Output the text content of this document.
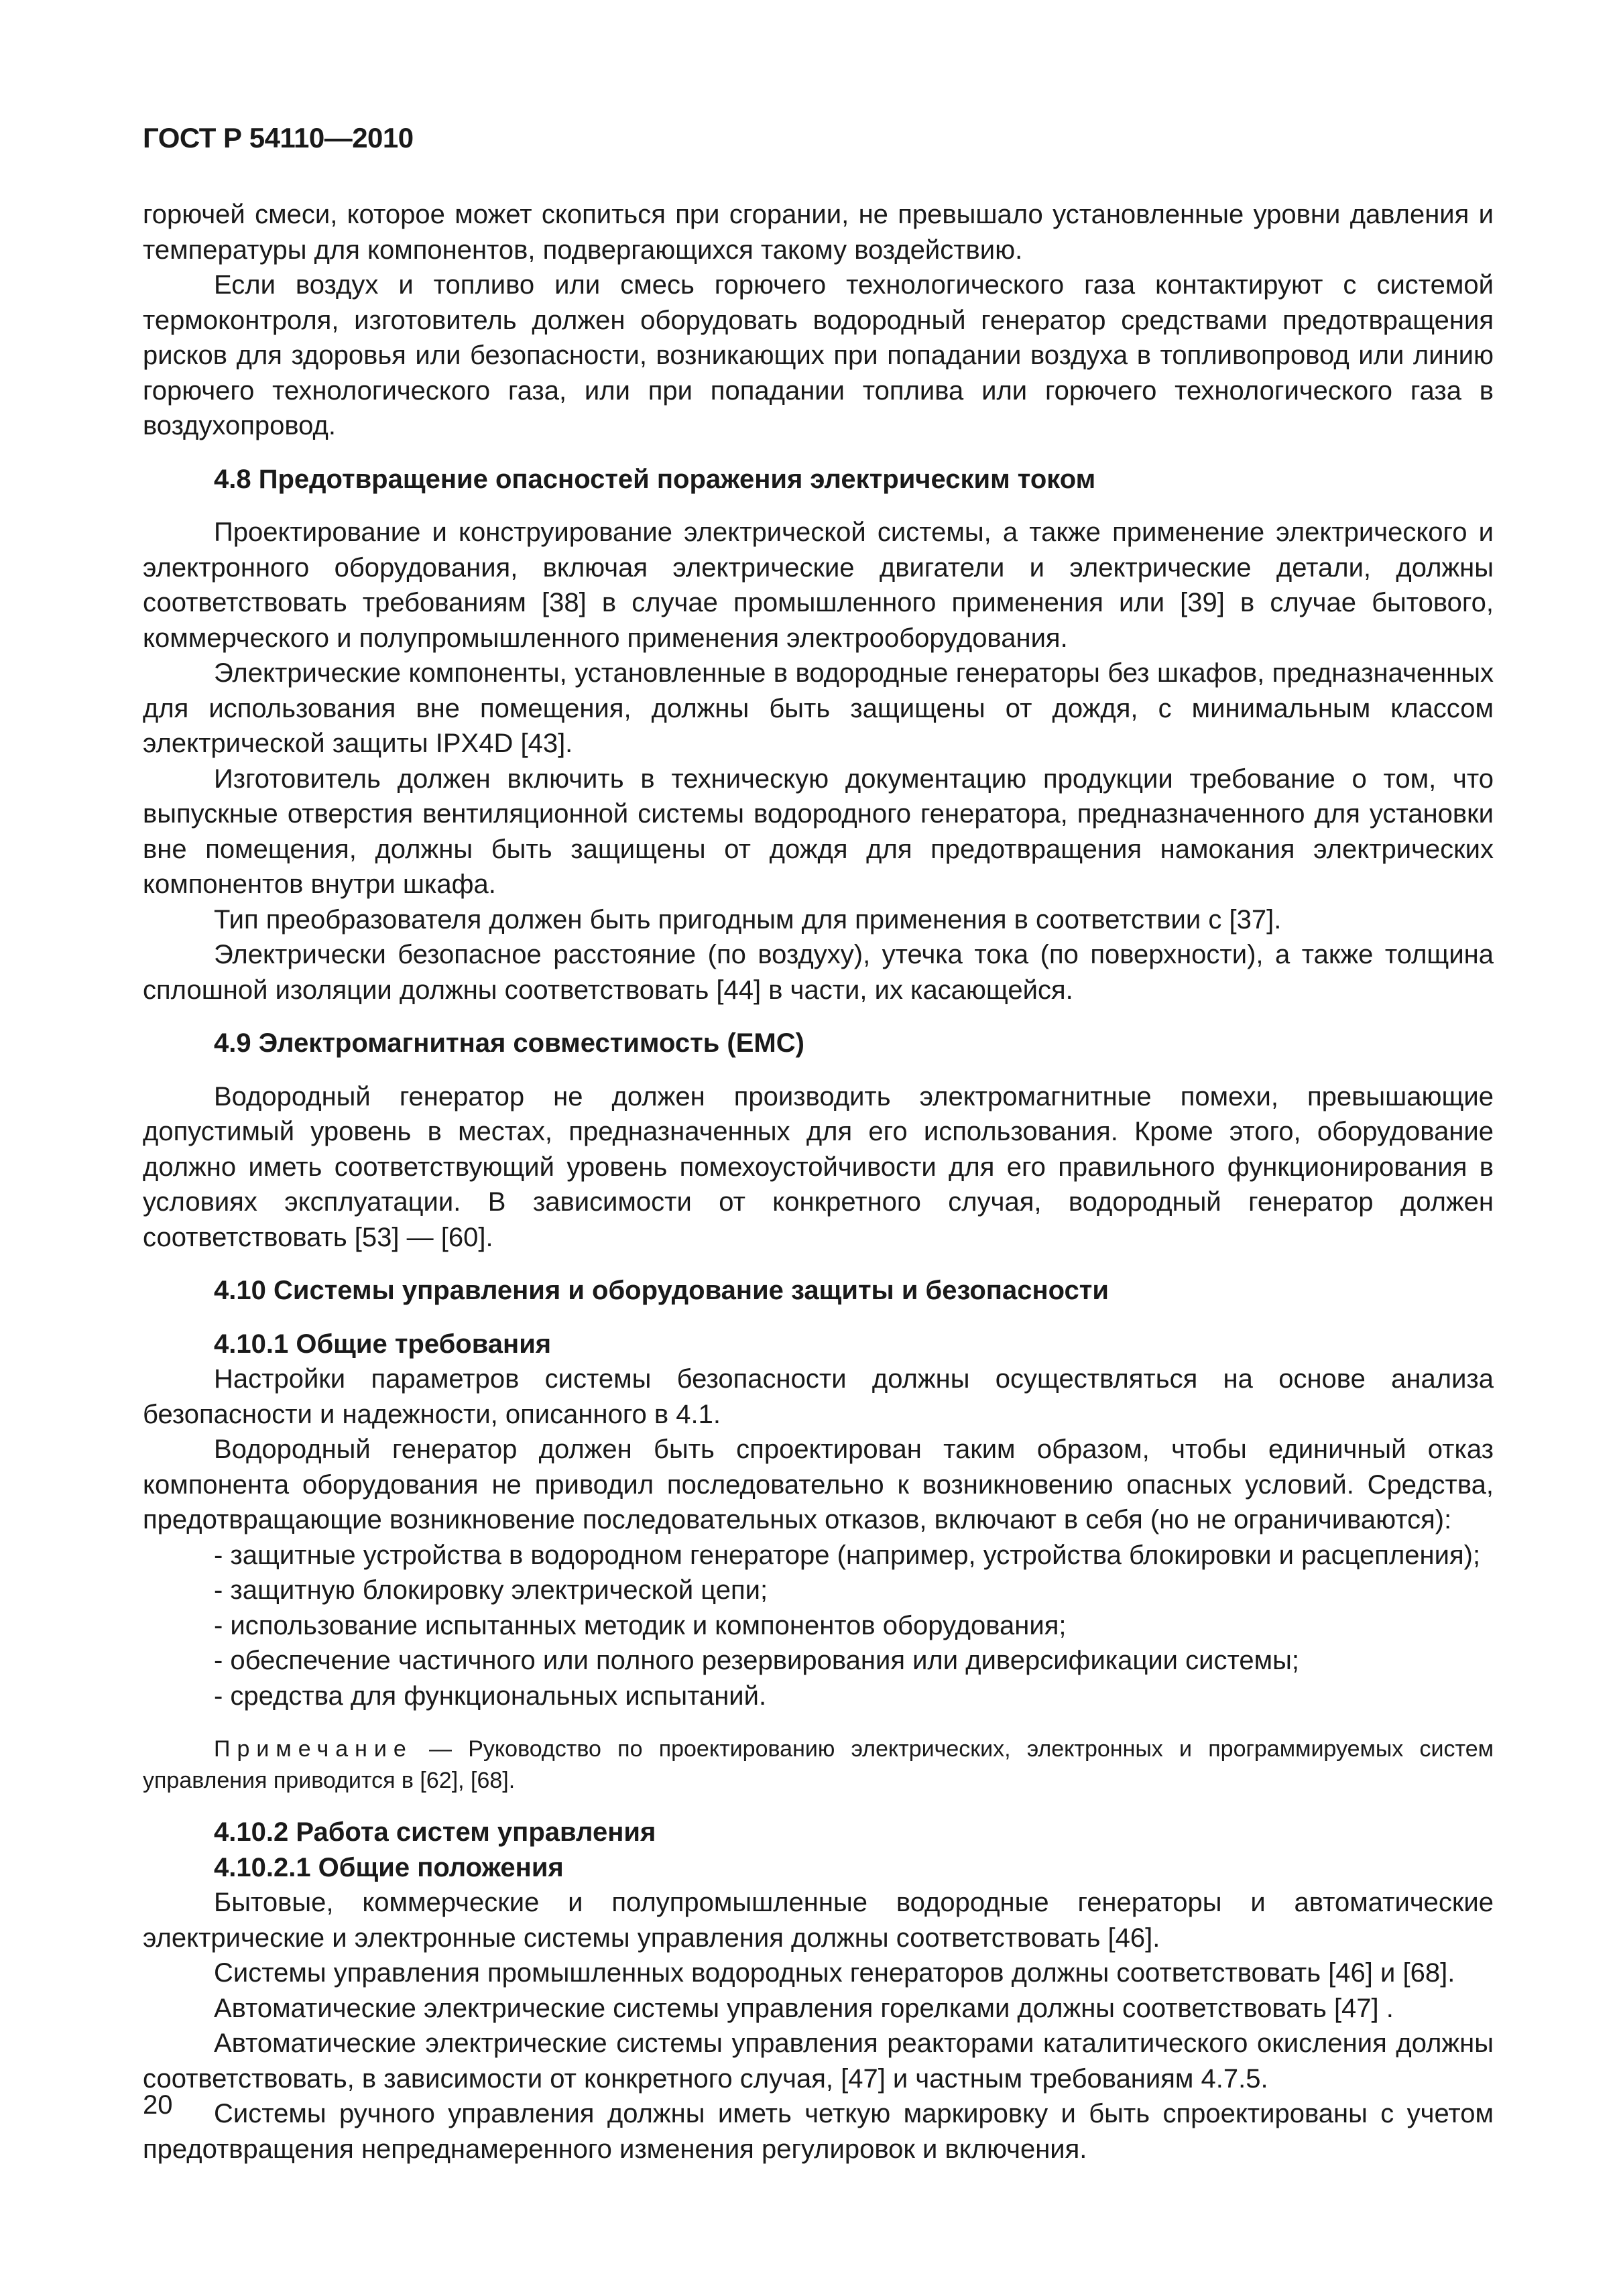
ГОСТ Р 54110—2010

горючей смеси, которое может скопиться при сгорании, не превышало установленные уровни давления и температуры для компонентов, подвергающихся такому воздействию.

Если воздух и топливо или смесь горючего технологического газа контактируют с системой термоконтроля, изготовитель должен оборудовать водородный генератор средствами предотвращения рисков для здоровья или безопасности, возникающих при попадании воздуха в топливопровод или линию горючего технологического газа, или при попадании топлива или горючего технологического газа в воздухопровод.

4.8 Предотвращение опасностей поражения электрическим током

Проектирование и конструирование электрической системы, а также применение электрического и электронного оборудования, включая электрические двигатели и электрические детали, должны соответствовать требованиям [38] в случае промышленного применения или [39] в случае бытового, коммерческого и полупромышленного применения электрооборудования.

Электрические компоненты, установленные в водородные генераторы без шкафов, предназначенных для использования вне помещения, должны быть защищены от дождя, с минимальным классом электрической защиты IPX4D [43].

Изготовитель должен включить в техническую документацию продукции требование о том, что выпускные отверстия вентиляционной системы водородного генератора, предназначенного для установки вне помещения, должны быть защищены от дождя для предотвращения намокания электрических компонентов внутри шкафа.

Тип преобразователя должен быть пригодным для применения в соответствии с [37].

Электрически безопасное расстояние (по воздуху), утечка тока (по поверхности), а также толщина сплошной изоляции должны соответствовать [44] в части, их касающейся.

4.9 Электромагнитная совместимость (ЕМС)

Водородный генератор не должен производить электромагнитные помехи, превышающие допустимый уровень в местах, предназначенных для его использования. Кроме этого, оборудование должно иметь соответствующий уровень помехоустойчивости для его правильного функционирования в условиях эксплуатации. В зависимости от конкретного случая, водородный генератор должен соответствовать [53] — [60].

4.10 Системы управления и оборудование защиты и безопасности
4.10.1 Общие требования

Настройки параметров системы безопасности должны осуществляться на основе анализа безопасности и надежности, описанного в 4.1.

Водородный генератор должен быть спроектирован таким образом, чтобы единичный отказ компонента оборудования не приводил последовательно к возникновению опасных условий. Средства, предотвращающие возникновение последовательных отказов, включают в себя (но не ограничиваются):

- защитные устройства в водородном генераторе (например, устройства блокировки и расцепления);
- защитную блокировку электрической цепи;
- использование испытанных методик и компонентов оборудования;
- обеспечение частичного или полного резервирования или диверсификации системы;
- средства для функциональных испытаний.
Примечание — Руководство по проектированию электрических, электронных и программируемых систем управления приводится в [62], [68].
4.10.2 Работа систем управления
4.10.2.1 Общие положения

Бытовые, коммерческие и полупромышленные водородные генераторы и автоматические электрические и электронные системы управления должны соответствовать [46].

Системы управления промышленных водородных генераторов должны соответствовать [46] и [68].

Автоматические электрические системы управления горелками должны соответствовать [47] .

Автоматические электрические системы управления реакторами каталитического окисления должны соответствовать, в зависимости от конкретного случая, [47] и частным требованиям 4.7.5.

Системы ручного управления должны иметь четкую маркировку и быть спроектированы с учетом предотвращения непреднамеренного изменения регулировок и включения.

20
